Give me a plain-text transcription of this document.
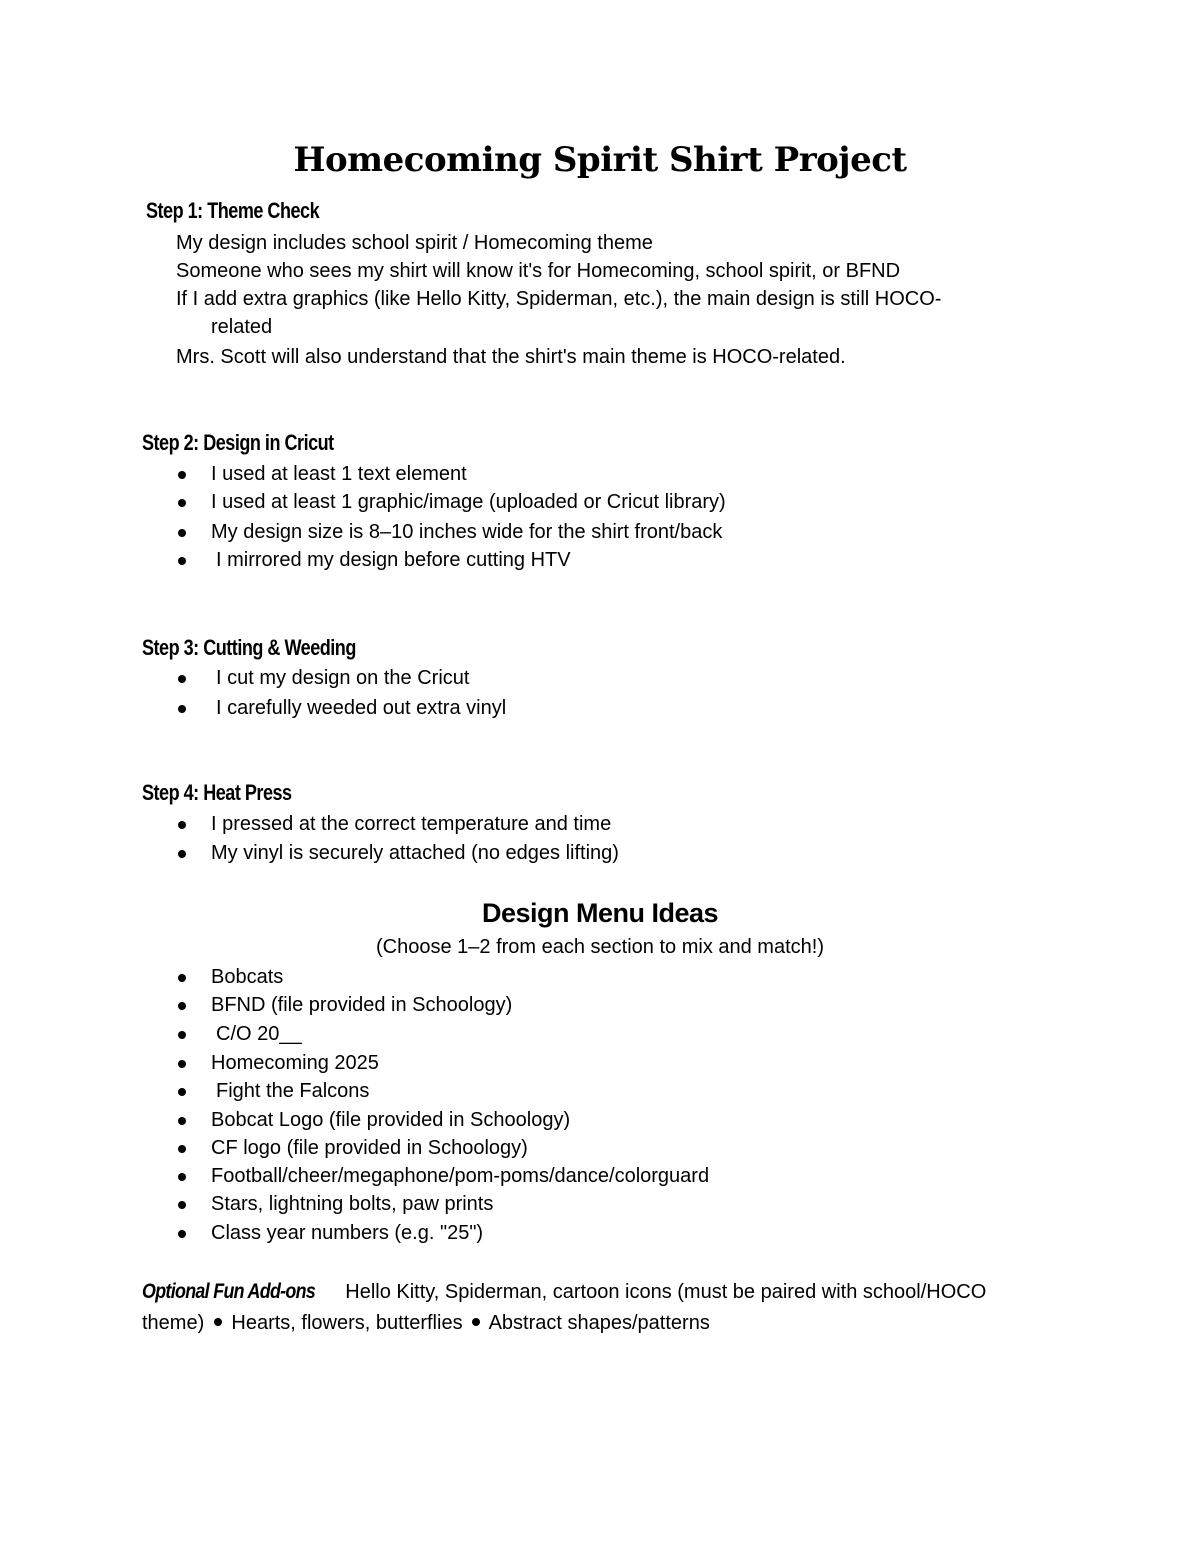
Homecoming Spirit Shirt Project
Step 1: Theme Check
My design includes school spirit / Homecoming theme
Someone who sees my shirt will know it's for Homecoming, school spirit, or BFND
If I add extra graphics (like Hello Kitty, Spiderman, etc.), the main design is still HOCO-
related
Mrs. Scott will also understand that the shirt's main theme is HOCO-related.
Step 2: Design in Cricut
I used at least 1 text element
I used at least 1 graphic/image (uploaded or Cricut library)
My design size is 8–10 inches wide for the shirt front/back
I mirrored my design before cutting HTV
Step 3: Cutting & Weeding
I cut my design on the Cricut
I carefully weeded out extra vinyl
Step 4: Heat Press
I pressed at the correct temperature and time
My vinyl is securely attached (no edges lifting)
Design Menu Ideas
(Choose 1–2 from each section to mix and match!)
Bobcats
BFND (file provided in Schoology)
C/O 20__
Homecoming 2025
Fight the Falcons
Bobcat Logo (file provided in Schoology)
CF logo (file provided in Schoology)
Football/cheer/megaphone/pom-poms/dance/colorguard
Stars, lightning bolts, paw prints
Class year numbers (e.g. "25")
Optional Fun Add-ons Hello Kitty, Spiderman, cartoon icons (must be paired with school/HOCO
theme) Hearts, flowers, butterflies Abstract shapes/patterns
